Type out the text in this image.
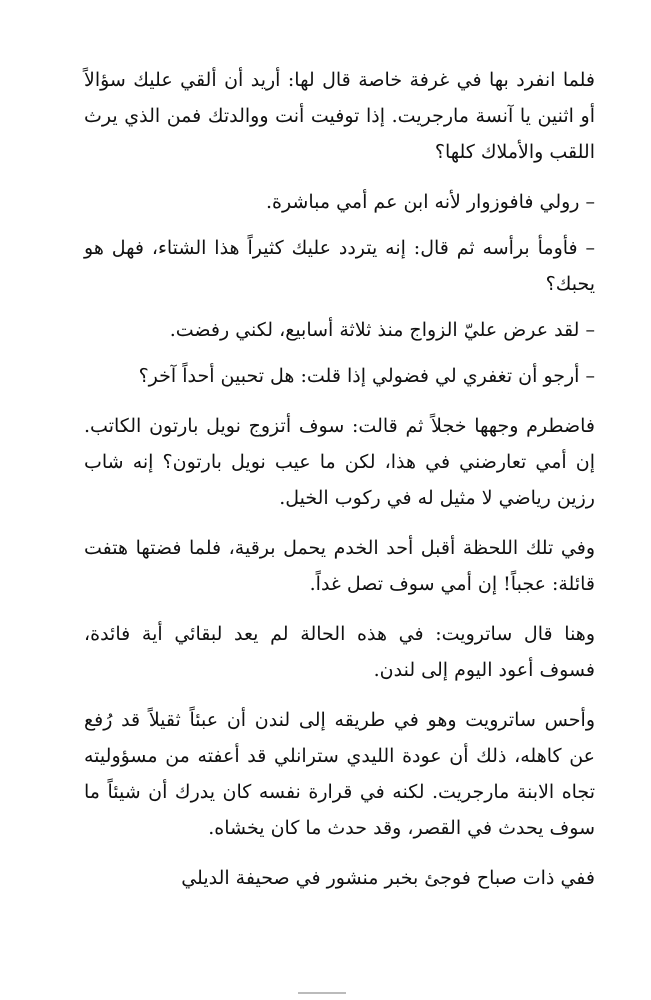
فلما انفرد بها في غرفة خاصة قال لها: أريد أن ألقي عليك سؤالاً أو اثنين يا آنسة مارجريت. إذا توفيت أنت ووالدتك فمن الذي يرث اللقب والأملاك كلها؟

– رولي فافوزوار لأنه ابن عم أمي مباشرة.

– فأومأ برأسه ثم قال: إنه يتردد عليك كثيراً هذا الشتاء، فهل هو يحبك؟

– لقد عرض عليّ الزواج منذ ثلاثة أسابيع، لكني رفضت.

– أرجو أن تغفري لي فضولي إذا قلت: هل تحبين أحداً آخر؟

فاضطرم وجهها خجلاً ثم قالت: سوف أتزوج نويل بارتون الكاتب. إن أمي تعارضني في هذا، لكن ما عيب نويل بارتون؟ إنه شاب رزين رياضي لا مثيل له في ركوب الخيل.

وفي تلك اللحظة أقبل أحد الخدم يحمل برقية، فلما فضتها هتفت قائلة: عجباً! إن أمي سوف تصل غداً.

وهنا قال ساترويت: في هذه الحالة لم يعد لبقائي أية فائدة، فسوف أعود اليوم إلى لندن.

وأحس ساترويت وهو في طريقه إلى لندن أن عبئاً ثقيلاً قد رُفع عن كاهله، ذلك أن عودة الليدي سترانلي قد أعفته من مسؤوليته تجاه الابنة مارجريت. لكنه في قرارة نفسه كان يدرك أن شيئاً ما سوف يحدث في القصر، وقد حدث ما كان يخشاه.

ففي ذات صباح فوجئ بخبر منشور في صحيفة الديلي
